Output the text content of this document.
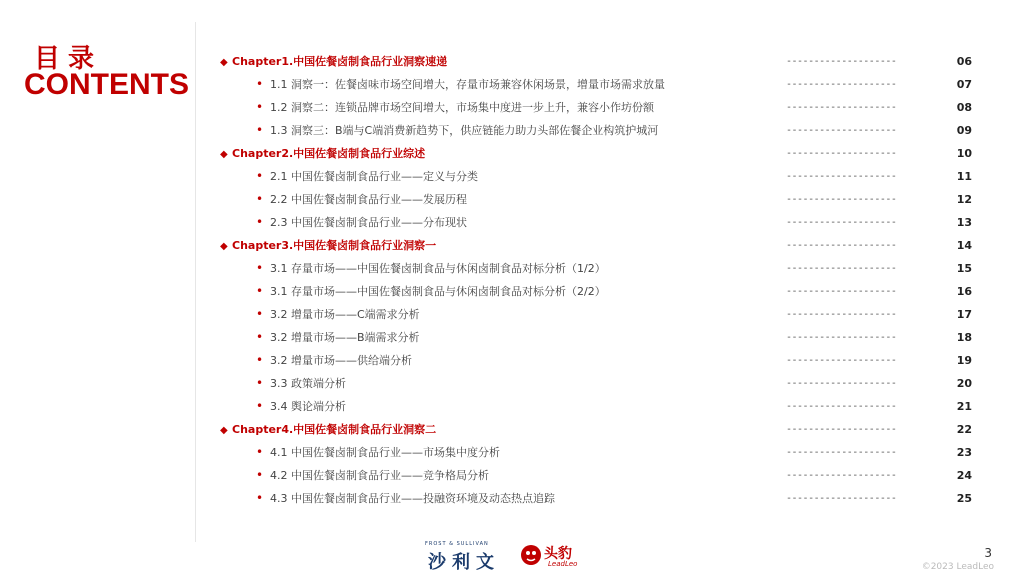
目录
CONTENTS
◆ Chapter1.中国佐餐卤制食品行业洞察速递	--------------------	06
• 1.1 洞察一：佐餐卤味市场空间增大，存量市场兼容休闲场景，增量市场需求放量	--------------------	07
• 1.2 洞察二：连锁品牌市场空间增大，市场集中度进一步上升，兼容小作坊份额	--------------------	08
• 1.3 洞察三：B端与C端消费新趋势下，供应链能力助力头部佐餐企业构筑护城河	--------------------	09
◆ Chapter2.中国佐餐卤制食品行业综述	--------------------	10
• 2.1 中国佐餐卤制食品行业——定义与分类	--------------------	11
• 2.2 中国佐餐卤制食品行业——发展历程	--------------------	12
• 2.3 中国佐餐卤制食品行业——分布现状	--------------------	13
◆ Chapter3.中国佐餐卤制食品行业洞察一	--------------------	14
• 3.1 存量市场——中国佐餐卤制食品与休闲卤制食品对标分析（1/2）	--------------------	15
• 3.1 存量市场——中国佐餐卤制食品与休闲卤制食品对标分析（2/2）	--------------------	16
• 3.2 增量市场——C端需求分析	--------------------	17
• 3.2 增量市场——B端需求分析	--------------------	18
• 3.2 增量市场——供给端分析	--------------------	19
• 3.3 政策端分析	--------------------	20
• 3.4 舆论端分析	--------------------	21
◆ Chapter4.中国佐餐卤制食品行业洞察二	--------------------	22
• 4.1 中国佐餐卤制食品行业——市场集中度分析	--------------------	23
• 4.2 中国佐餐卤制食品行业——竞争格局分析	--------------------	24
• 4.3 中国佐餐卤制食品行业——投融资环境及动态热点追踪	--------------------	25
FROST & SULLIVAN
沙利文	头豹
LeadLeo
3
©2023 LeadLeo
